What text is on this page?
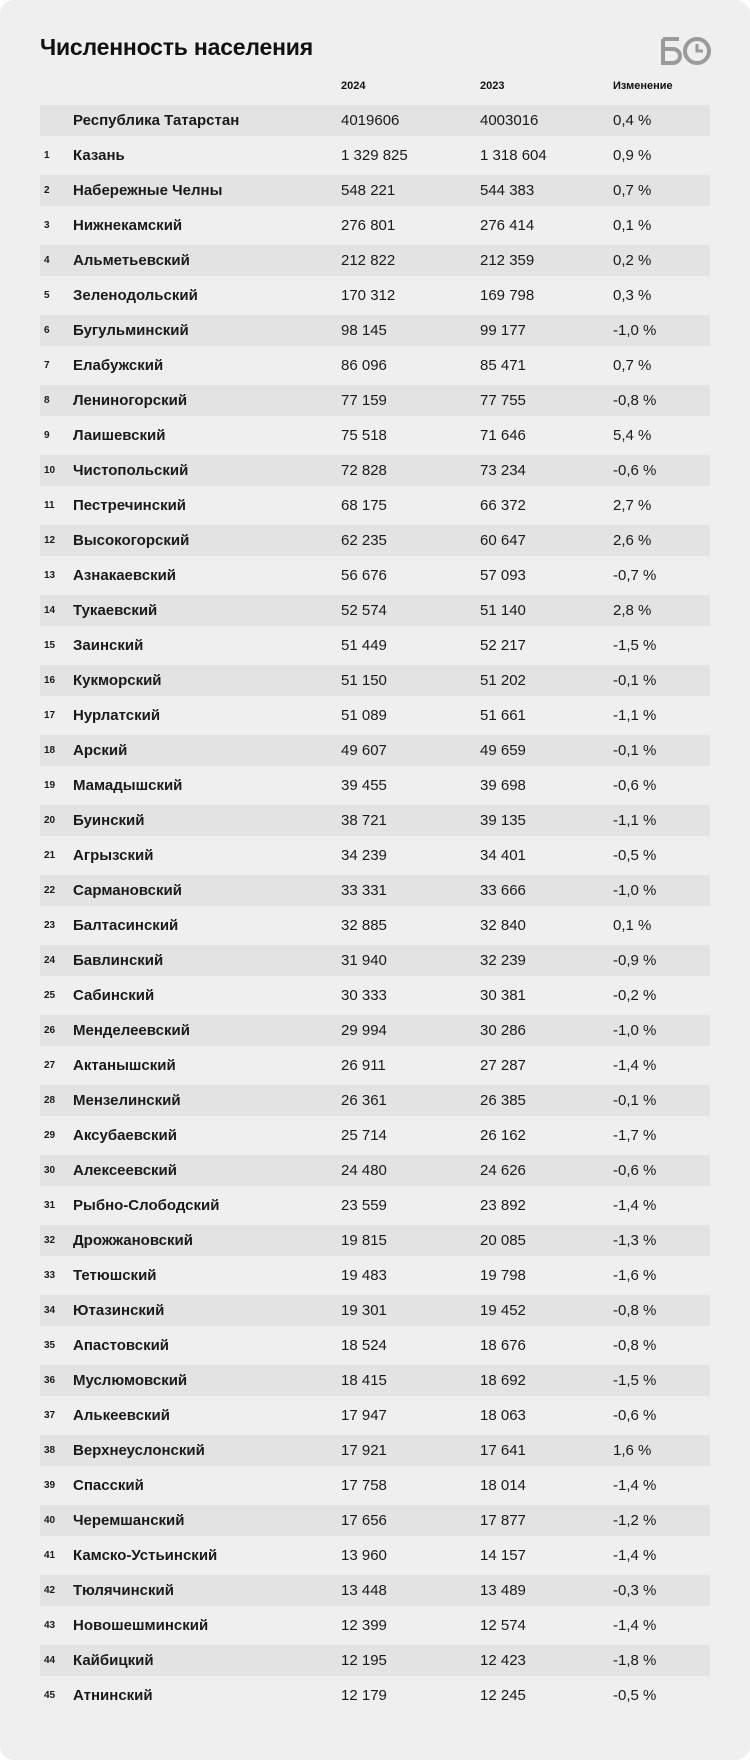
Численность населения
2024	2023	Изменение
Республика Татарстан	4019606	4003016	0,4 %
1 Казань	1 329 825	1 318 604	0,9 %
2 Набережные Челны	548 221	544 383	0,7 %
3 Нижнекамский	276 801	276 414	0,1 %
4 Альметьевский	212 822	212 359	0,2 %
5 Зеленодольский	170 312	169 798	0,3 %
6 Бугульминский	98 145	99 177	-1,0 %
7 Елабужский	86 096	85 471	0,7 %
8 Лениногорский	77 159	77 755	-0,8 %
9 Лаишевский	75 518	71 646	5,4 %
10 Чистопольский	72 828	73 234	-0,6 %
11 Пестречинский	68 175	66 372	2,7 %
12 Высокогорский	62 235	60 647	2,6 %
13 Азнакаевский	56 676	57 093	-0,7 %
14 Тукаевский	52 574	51 140	2,8 %
15 Заинский	51 449	52 217	-1,5 %
16 Кукморский	51 150	51 202	-0,1 %
17 Нурлатский	51 089	51 661	-1,1 %
18 Арский	49 607	49 659	-0,1 %
19 Мамадышский	39 455	39 698	-0,6 %
20 Буинский	38 721	39 135	-1,1 %
21 Агрызский	34 239	34 401	-0,5 %
22 Сармановский	33 331	33 666	-1,0 %
23 Балтасинский	32 885	32 840	0,1 %
24 Бавлинский	31 940	32 239	-0,9 %
25 Сабинский	30 333	30 381	-0,2 %
26 Менделеевский	29 994	30 286	-1,0 %
27 Актанышский	26 911	27 287	-1,4 %
28 Мензелинский	26 361	26 385	-0,1 %
29 Аксубаевский	25 714	26 162	-1,7 %
30 Алексеевский	24 480	24 626	-0,6 %
31 Рыбно-Слободский	23 559	23 892	-1,4 %
32 Дрожжановский	19 815	20 085	-1,3 %
33 Тетюшский	19 483	19 798	-1,6 %
34 Ютазинский	19 301	19 452	-0,8 %
35 Апастовский	18 524	18 676	-0,8 %
36 Муслюмовский	18 415	18 692	-1,5 %
37 Алькеевский	17 947	18 063	-0,6 %
38 Верхнеуслонский	17 921	17 641	1,6 %
39 Спасский	17 758	18 014	-1,4 %
40 Черемшанский	17 656	17 877	-1,2 %
41 Камско-Устьинский	13 960	14 157	-1,4 %
42 Тюлячинский	13 448	13 489	-0,3 %
43 Новошешминский	12 399	12 574	-1,4 %
44 Кайбицкий	12 195	12 423	-1,8 %
45 Атнинский	12 179	12 245	-0,5 %
